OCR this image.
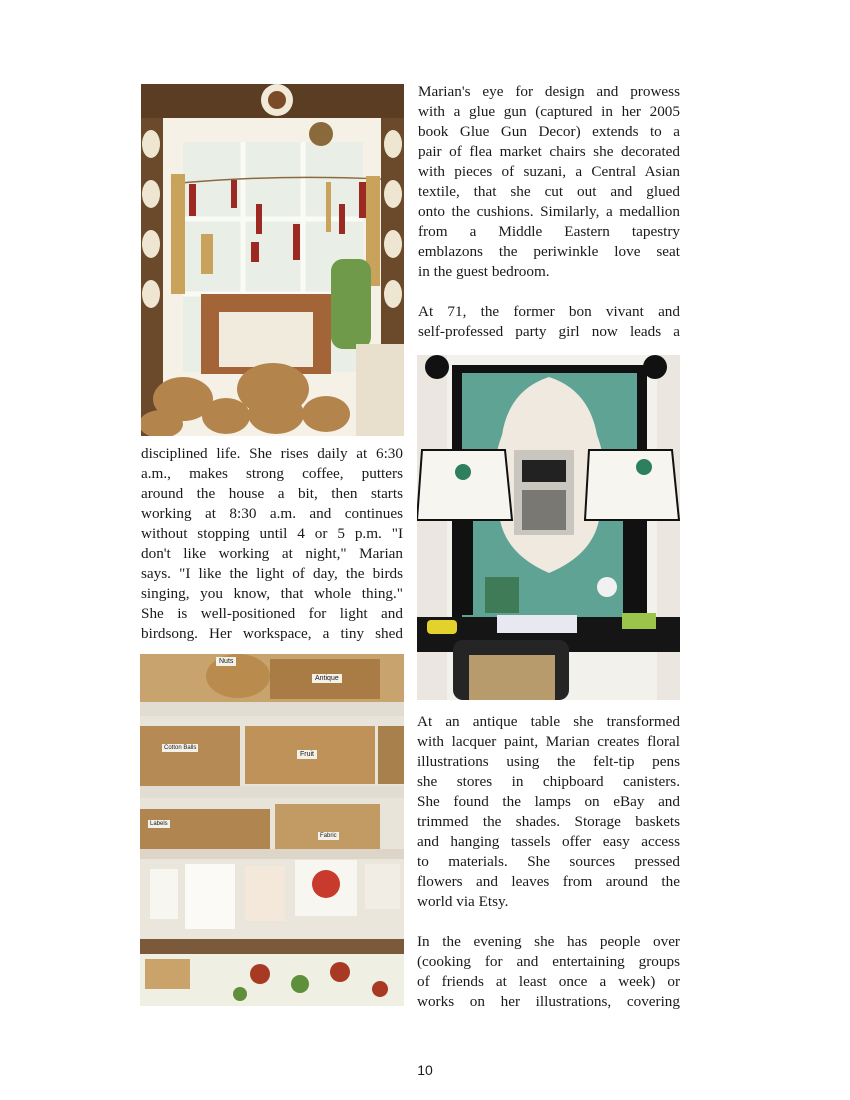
Marian's eye for design and prowess
with a glue gun (captured in her 2005
book Glue Gun Decor) extends to a
pair of flea market chairs she decorated
with pieces of suzani, a Central Asian
textile, that she cut out and glued
onto the cushions. Similarly, a medallion
from a Middle Eastern tapestry
emblazons the periwinkle love seat
in the guest bedroom.
At 71, the former bon vivant and
self-professed party girl now leads a
disciplined life. She rises daily at 6:30
a.m., makes strong coffee, putters
around the house a bit, then starts
working at 8:30 a.m. and continues
without stopping until 4 or 5 p.m. "I
don't like working at night," Marian
says. "I like the light of day, the birds
singing, you know, that whole thing."
She is well-positioned for light and
birdsong. Her workspace, a tiny shed
Nuts
Antique
Cotton Balls
Fruit
Labels
Fabric
At an antique table she transformed
with lacquer paint, Marian creates floral
illustrations using the felt-tip pens
she stores in chipboard canisters.
She found the lamps on eBay and
trimmed the shades. Storage baskets
and hanging tassels offer easy access
to materials. She sources pressed
flowers and leaves from around the
world via Etsy.
In the evening she has people over
(cooking for and entertaining groups
of friends at least once a week) or
works on her illustrations, covering
10
